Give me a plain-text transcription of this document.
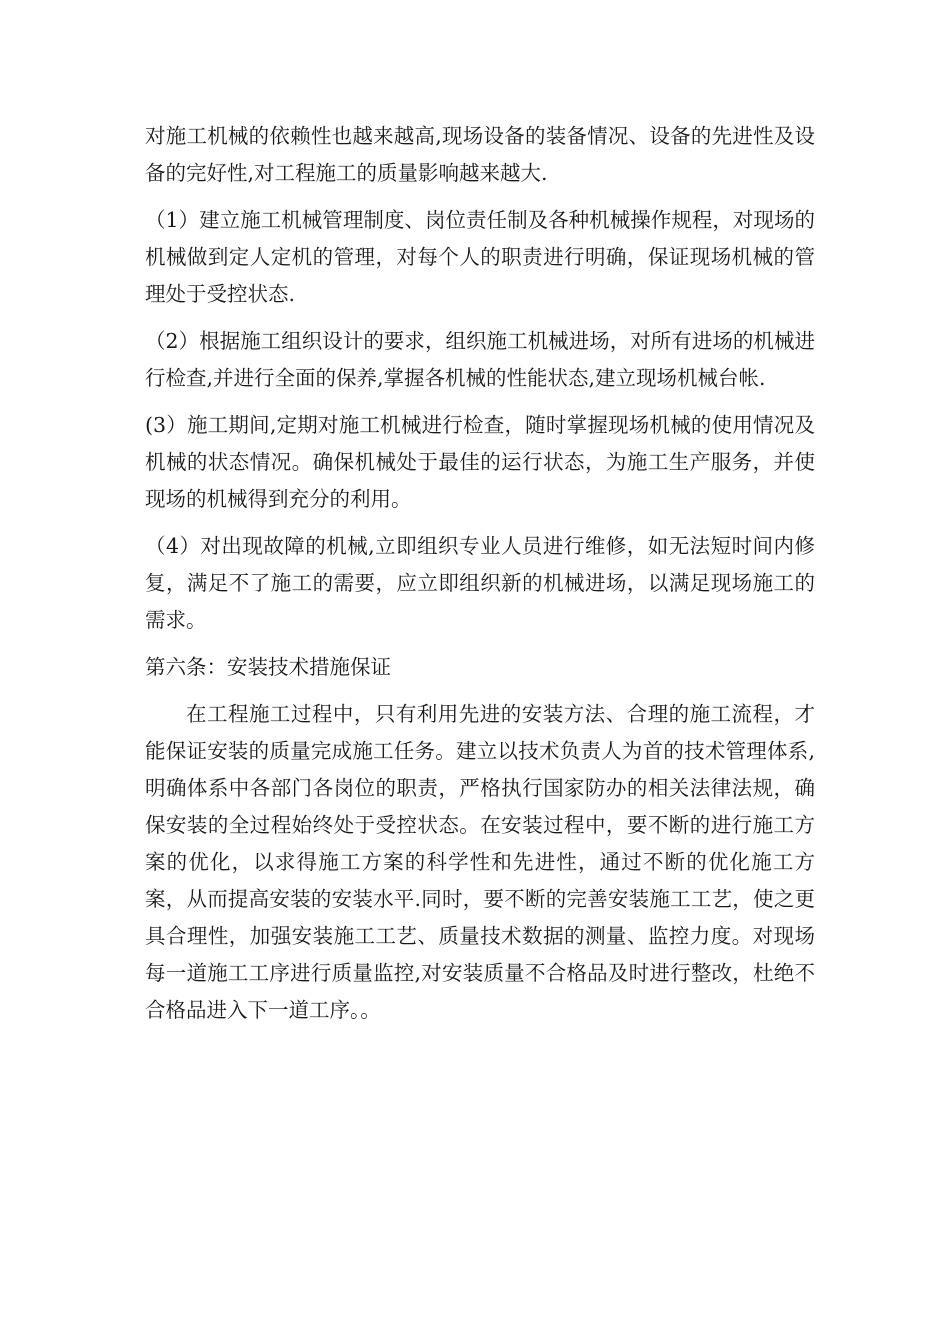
对施工机械的依赖性也越来越高,现场设备的装备情况、设备的先进性及设备的完好性,对工程施工的质量影响越来越大.

（1）建立施工机械管理制度、岗位责任制及各种机械操作规程，对现场的机械做到定人定机的管理，对每个人的职责进行明确，保证现场机械的管理处于受控状态.

（2）根据施工组织设计的要求，组织施工机械进场，对所有进场的机械进行检查,并进行全面的保养,掌握各机械的性能状态,建立现场机械台帐.

(3）施工期间,定期对施工机械进行检查，随时掌握现场机械的使用情况及机械的状态情况。确保机械处于最佳的运行状态，为施工生产服务，并使现场的机械得到充分的利用。

（4）对出现故障的机械,立即组织专业人员进行维修，如无法短时间内修复，满足不了施工的需要，应立即组织新的机械进场，以满足现场施工的需求。

第六条：安装技术措施保证

在工程施工过程中，只有利用先进的安装方法、合理的施工流程，才能保证安装的质量完成施工任务。建立以技术负责人为首的技术管理体系,明确体系中各部门各岗位的职责，严格执行国家防办的相关法律法规，确保安装的全过程始终处于受控状态。在安装过程中，要不断的进行施工方案的优化，以求得施工方案的科学性和先进性，通过不断的优化施工方案，从而提高安装的安装水平.同时，要不断的完善安装施工工艺，使之更具合理性，加强安装施工工艺、质量技术数据的测量、监控力度。对现场每一道施工工序进行质量监控,对安装质量不合格品及时进行整改，杜绝不合格品进入下一道工序。。
